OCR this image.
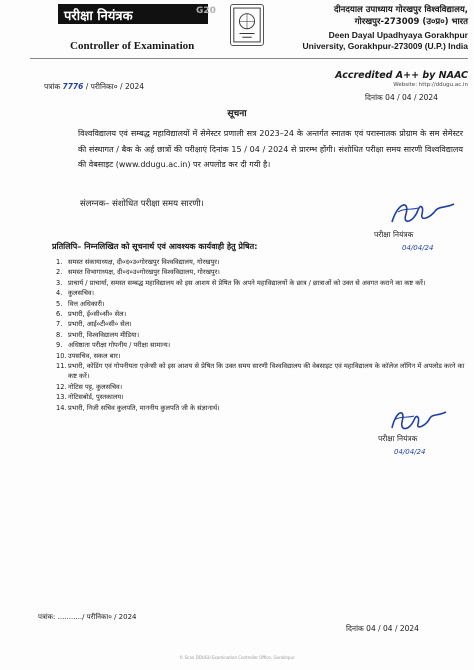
परीक्षा नियंत्रक	G20
Controller of Examination
दीनदयाल उपाध्याय गोरखपुर विश्वविद्यालय,
गोरखपुर-273009 (उ०प्र०) भारत
Deen Dayal Upadhyaya Gorakhpur
University, Gorakhpur-273009 (U.P.) India
Accredited A++ by NAAC
Website: http://ddugu.ac.in
पत्रांक 7776 / परीनिका० / 2024
दिनांक 04 / 04 / 2024
सूचना
विश्वविद्यालय एवं सम्बद्ध महाविद्यालयों में सेमेस्टर प्रणाली सत्र 2023–24 के अन्तर्गत स्नातक एवं परास्नातक प्रोग्राम के सम सेमेस्टर की संस्थागत / बैक के अर्ह छात्रों की परीक्षाएं दिनांक 15 / 04 / 2024 से प्रारम्भ होंगी। संशोधित परीक्षा समय सारणी विश्वविद्यालय की वेबसाइट (www.ddugu.ac.in) पर अपलोड कर दी गयी है।
संलग्नक– संशोधित परीक्षा समय सारणी।
परीक्षा नियंत्रक
04/04/24
प्रतिलिपि– निम्नलिखित को सूचनार्थ एवं आवश्यक कार्यवाही हेतु प्रेषित:
1. समस्त संकायाध्यक्ष, दी०द०उ०गोरखपुर विश्वविद्यालय, गोरखपुर।
2. समस्त विभागाध्यक्ष, दी०द०उ०गोरखपुर विश्वविद्यालय, गोरखपुर।
3. प्राचार्य / प्राचार्या, समस्त सम्बद्ध महाविद्यालय को इस आशय से प्रेषित कि अपने महाविद्यालयों के छात्र / छात्राओं को उक्त से अवगत कराने का कष्ट करें।
4. कुलसचिव।
5. वित्त अधिकारी।
6. प्रभारी, ई०सी०सी० सेल।
7. प्रभारी, आई०टी०सी० सेल।
8. प्रभारी, विश्वविद्यालय मीडिया।
9. अधिष्ठाता परीक्षा गोपनीय / परीक्षा सामान्य।
10. उपसचिव, सकल बार।
11. प्रभारी, कोडिंग एवं गोपनीयता एजेन्सी को इस आशय से प्रेषित कि उक्त समय सारणी विश्वविद्यालय की वेबसाइट एवं महाविद्यालय के कॉलेज लॉगिन में अपलोड करने का कष्ट करें।
12. नोटिस पट्ट, कुलसचिव।
13. नोटिसबोर्ड, पुस्तकालय।
14. प्रभारी, निजी सचिव कुलपति, माननीय कुलपति जी के संज्ञानार्थ।
परीक्षा नियंत्रक
04/04/24
पत्रांक: .........../ परीनिका० / 2024
दिनांक 04 / 04 / 2024
© Scan DDUGU Examination Controller Office, Gorakhpur
